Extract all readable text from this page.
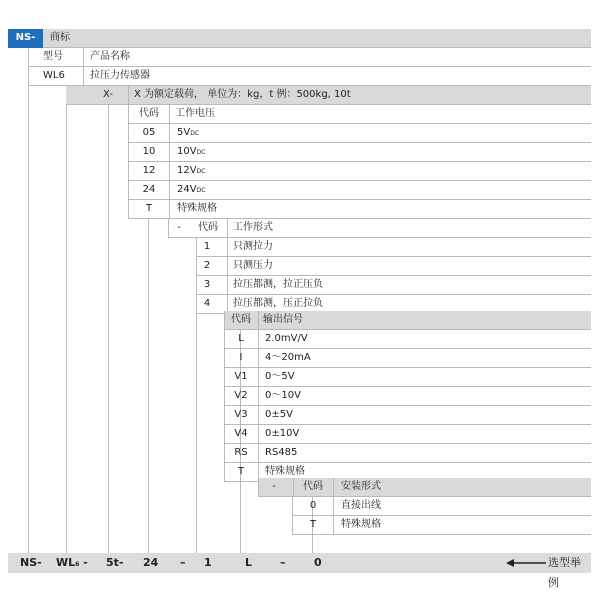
NS-	商标
型号	产品名称
WL6	拉压力传感器
X-	X 为额定载荷， 单位为：kg，t 例：500kg, 10t
代码	工作电压
05	5VDC
10	10VDC
12	12VDC
24	24VDC
T	特殊规格
-	代码	工作形式
1	只测拉力
2	只测压力
3	拉压都测，拉正压负
4	拉压都测，压正拉负
代码	输出信号
L	2.0mV/V
I	4～20mA
V1	0～5V
V2	0～10V
V3	0±5V
V4	0±10V
RS	RS485
T	特殊规格
-	代码	安装形式
0	直接出线
T	特殊规格
NS- WL6 - 5t- 24 – 1	L	–	0	选型举例
